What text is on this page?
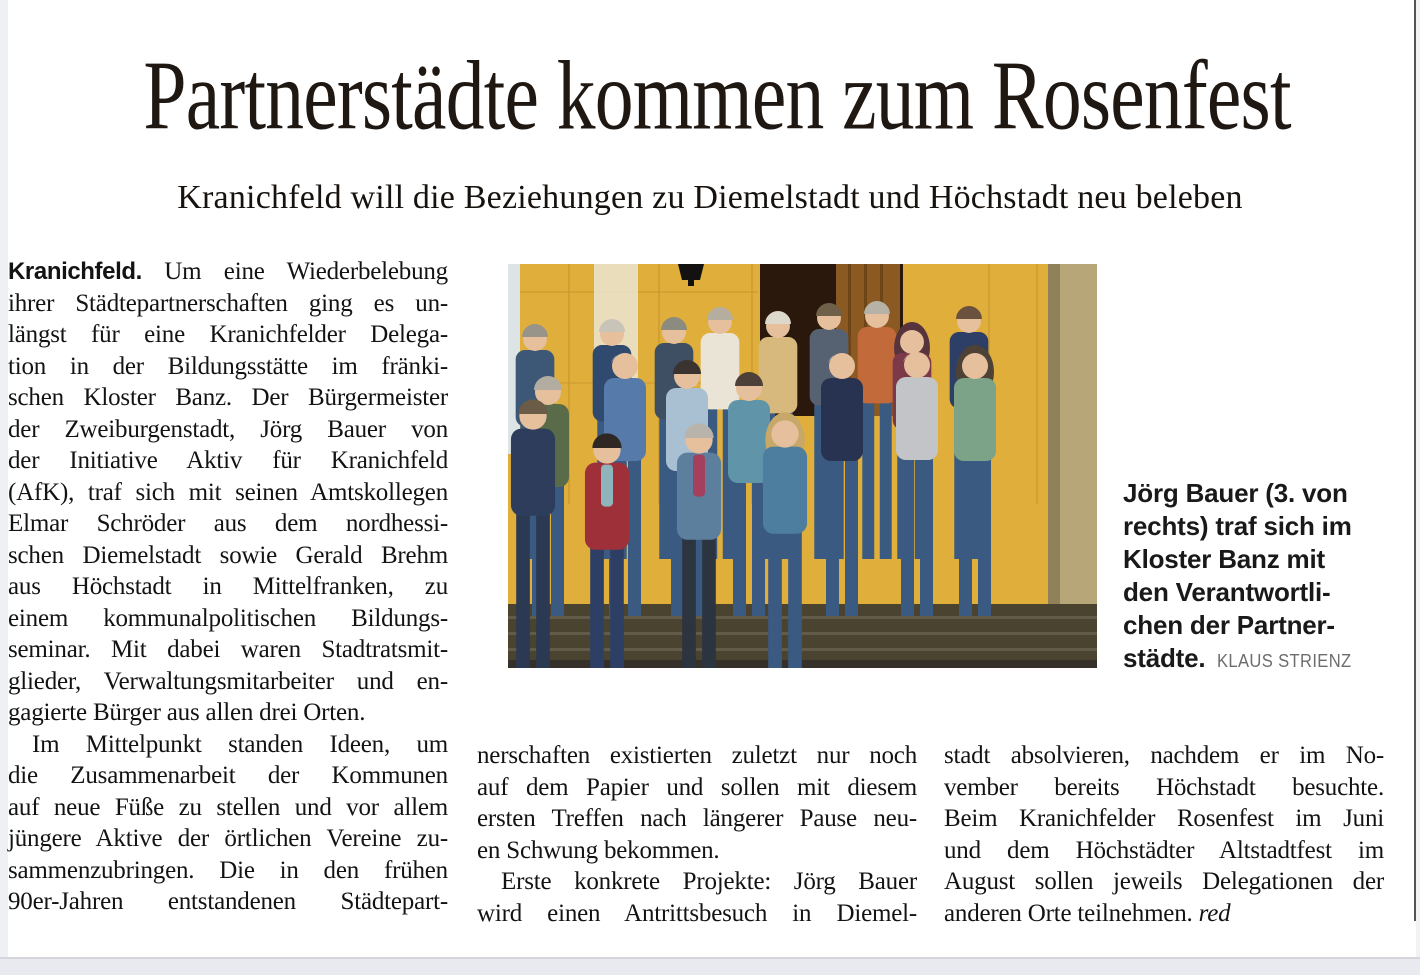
Partnerstädte kommen zum Rosenfest
Kranichfeld will die Beziehungen zu Diemelstadt und Höchstadt neu beleben
Kranichfeld. Um eine Wiederbelebung
ihrer Städtepartnerschaften ging es un-
längst für eine Kranichfelder Delega-
tion in der Bildungsstätte im fränki-
schen Kloster Banz. Der Bürgermeister
der Zweiburgenstadt, Jörg Bauer von
der Initiative Aktiv für Kranichfeld
(AfK), traf sich mit seinen Amtskollegen
Elmar Schröder aus dem nordhessi-
schen Diemelstadt sowie Gerald Brehm
aus Höchstadt in Mittelfranken, zu
einem kommunalpolitischen Bildungs-
seminar. Mit dabei waren Stadtratsmit-
glieder, Verwaltungsmitarbeiter und en-
gagierte Bürger aus allen drei Orten.
Im Mittelpunkt standen Ideen, um
die Zusammenarbeit der Kommunen
auf neue Füße zu stellen und vor allem
jüngere Aktive der örtlichen Vereine zu-
sammenzubringen. Die in den frühen
90er-Jahren entstandenen Städtepart-
Jörg Bauer (3. von
rechts) traf sich im
Kloster Banz mit
den Verantwortli-
chen der Partner-
städte. KLAUS STRIENZ
nerschaften existierten zuletzt nur noch
auf dem Papier und sollen mit diesem
ersten Treffen nach längerer Pause neu-
en Schwung bekommen.
Erste konkrete Projekte: Jörg Bauer
wird einen Antrittsbesuch in Diemel-
stadt absolvieren, nachdem er im No-
vember bereits Höchstadt besuchte.
Beim Kranichfelder Rosenfest im Juni
und dem Höchstädter Altstadtfest im
August sollen jeweils Delegationen der
anderen Orte teilnehmen. red
